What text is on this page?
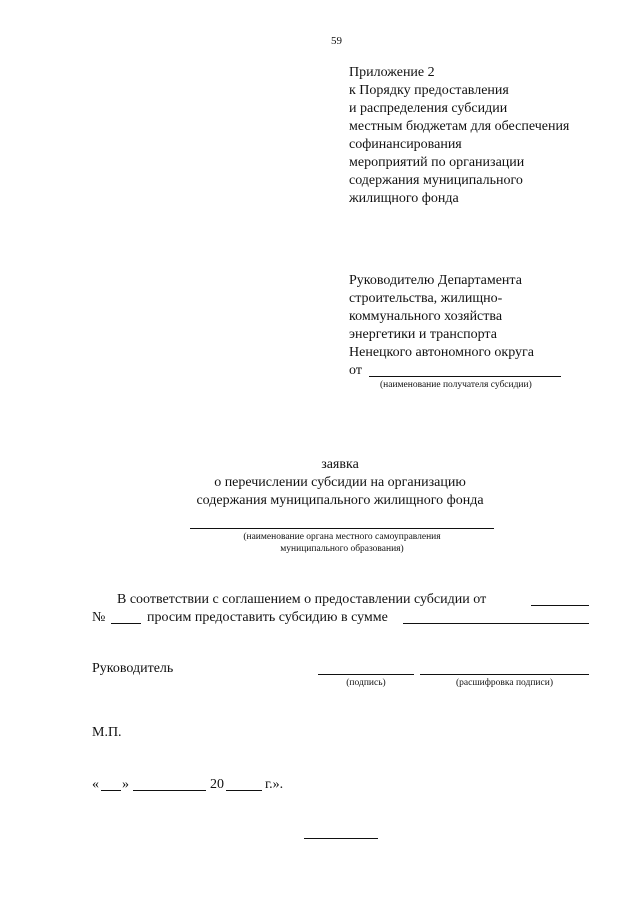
59
Приложение 2
к Порядку предоставления
и распределения субсидии
местным бюджетам для обеспечения
софинансирования
мероприятий по организации
содержания муниципального
жилищного фонда
Руководителю Департамента
строительства, жилищно-
коммунального хозяйства
энергетики и транспорта
Ненецкого автономного округа
от
(наименование получателя субсидии)
заявка
о перечислении субсидии на организацию
содержания муниципального жилищного фонда
(наименование органа местного самоуправления
муниципального образования)
В соответствии с соглашением о предоставлении субсидии от
№	просим предоставить субсидию в сумме
Руководитель
(подпись)	(расшифровка подписи)
М.П.
« »	20	г.».
